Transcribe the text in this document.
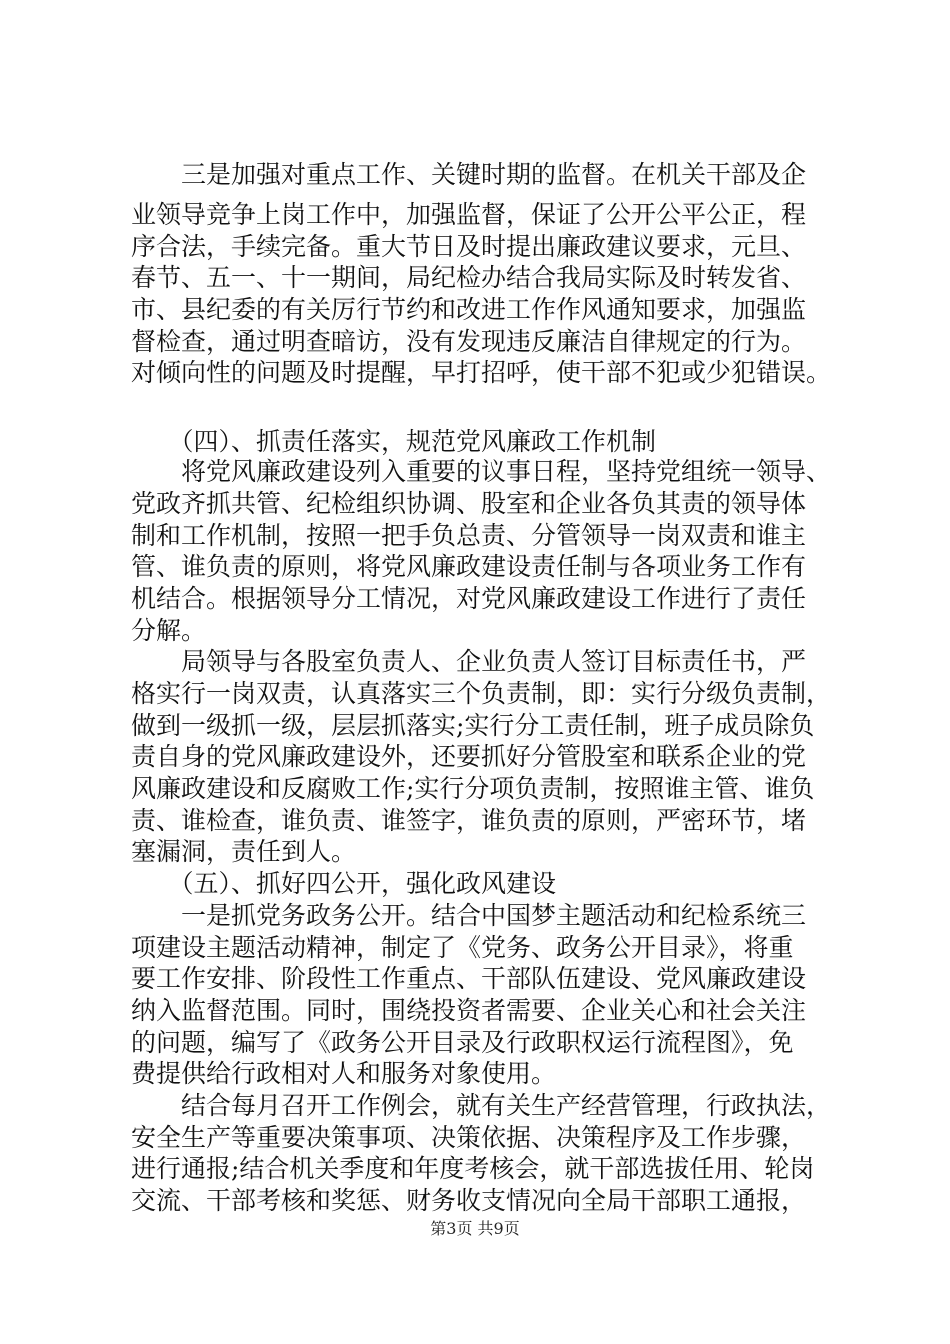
　　三是加强对重点工作、关键时期的监督。在机关干部及企
业领导竞争上岗工作中，加强监督，保证了公开公平公正，程
序合法，手续完备。重大节日及时提出廉政建议要求，元旦、
春节、五一、十一期间，局纪检办结合我局实际及时转发省、
市、县纪委的有关厉行节约和改进工作作风通知要求，加强监
督检查，通过明查暗访，没有发现违反廉洁自律规定的行为。
对倾向性的问题及时提醒，早打招呼，使干部不犯或少犯错误。
　　（四）、抓责任落实，规范党风廉政工作机制
　　将党风廉政建设列入重要的议事日程，坚持党组统一领导、
党政齐抓共管、纪检组织协调、股室和企业各负其责的领导体
制和工作机制，按照一把手负总责、分管领导一岗双责和谁主
管、谁负责的原则，将党风廉政建设责任制与各项业务工作有
机结合。根据领导分工情况，对党风廉政建设工作进行了责任
分解。
　　局领导与各股室负责人、企业负责人签订目标责任书，严
格实行一岗双责，认真落实三个负责制，即：实行分级负责制，
做到一级抓一级，层层抓落实;实行分工责任制，班子成员除负
责自身的党风廉政建设外，还要抓好分管股室和联系企业的党
风廉政建设和反腐败工作;实行分项负责制，按照谁主管、谁负
责、谁检查，谁负责、谁签字，谁负责的原则，严密环节，堵
塞漏洞，责任到人。
　　（五）、抓好四公开，强化政风建设
　　一是抓党务政务公开。结合中国梦主题活动和纪检系统三
项建设主题活动精神，制定了《党务、政务公开目录》，将重
要工作安排、阶段性工作重点、干部队伍建设、党风廉政建设
纳入监督范围。同时，围绕投资者需要、企业关心和社会关注
的问题，编写了《政务公开目录及行政职权运行流程图》，免
费提供给行政相对人和服务对象使用。
　　结合每月召开工作例会，就有关生产经营管理，行政执法，
安全生产等重要决策事项、决策依据、决策程序及工作步骤，
进行通报;结合机关季度和年度考核会，就干部选拔任用、轮岗
交流、干部考核和奖惩、财务收支情况向全局干部职工通报，
第3页 共9页
